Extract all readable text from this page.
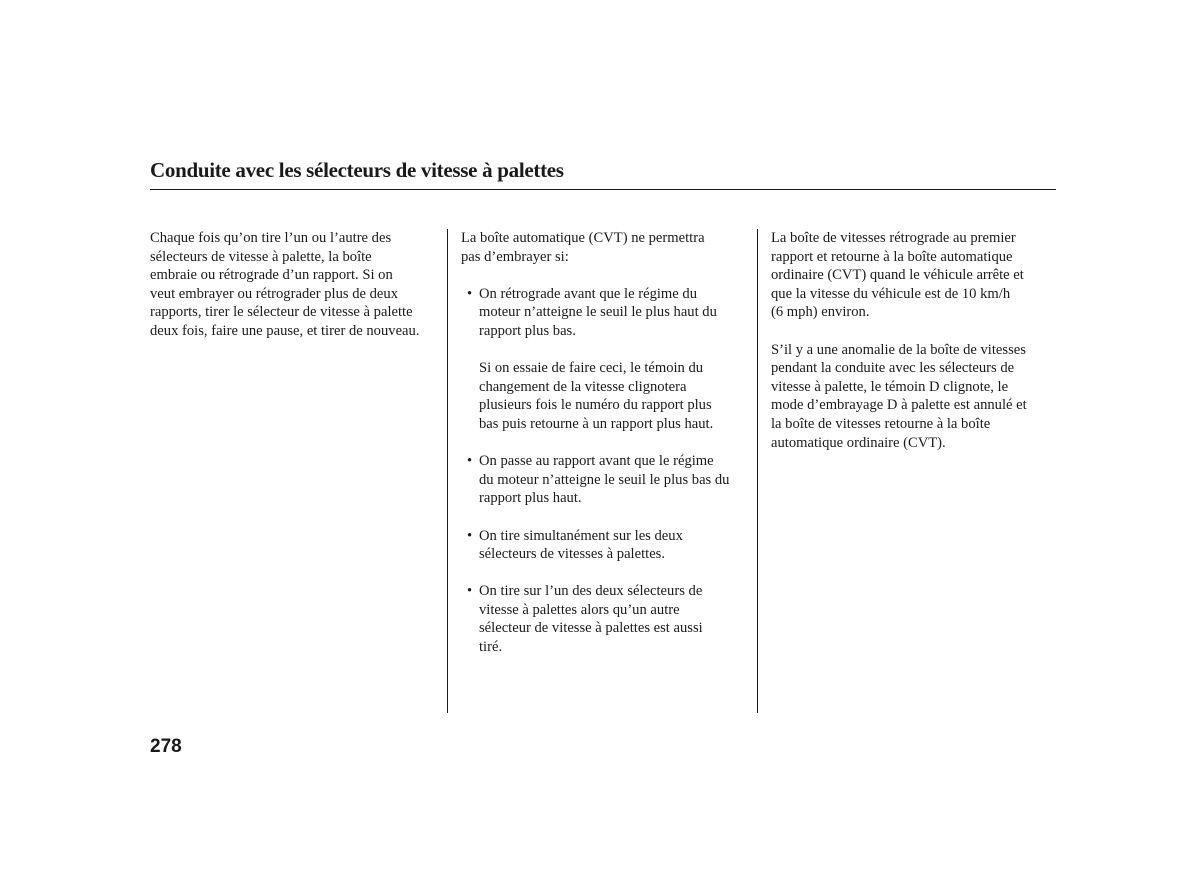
Conduite avec les sélecteurs de vitesse à palettes

Chaque fois qu’on tire l’un ou l’autre des
sélecteurs de vitesse à palette, la boîte
embraie ou rétrograde d’un rapport. Si on
veut embrayer ou rétrograder plus de deux
rapports, tirer le sélecteur de vitesse à palette
deux fois, faire une pause, et tirer de nouveau.

La boîte automatique (CVT) ne permettra
pas d’embrayer si:

• On rétrograde avant que le régime du
moteur n’atteigne le seuil le plus haut du
rapport plus bas.

Si on essaie de faire ceci, le témoin du
changement de la vitesse clignotera
plusieurs fois le numéro du rapport plus
bas puis retourne à un rapport plus haut.

• On passe au rapport avant que le régime
du moteur n’atteigne le seuil le plus bas du
rapport plus haut.

• On tire simultanément sur les deux
sélecteurs de vitesses à palettes.

• On tire sur l’un des deux sélecteurs de
vitesse à palettes alors qu’un autre
sélecteur de vitesse à palettes est aussi
tiré.

La boîte de vitesses rétrograde au premier
rapport et retourne à la boîte automatique
ordinaire (CVT) quand le véhicule arrête et
que la vitesse du véhicule est de 10 km/h
(6 mph) environ.

S’il y a une anomalie de la boîte de vitesses
pendant la conduite avec les sélecteurs de
vitesse à palette, le témoin D clignote, le
mode d’embrayage D à palette est annulé et
la boîte de vitesses retourne à la boîte
automatique ordinaire (CVT).

278
